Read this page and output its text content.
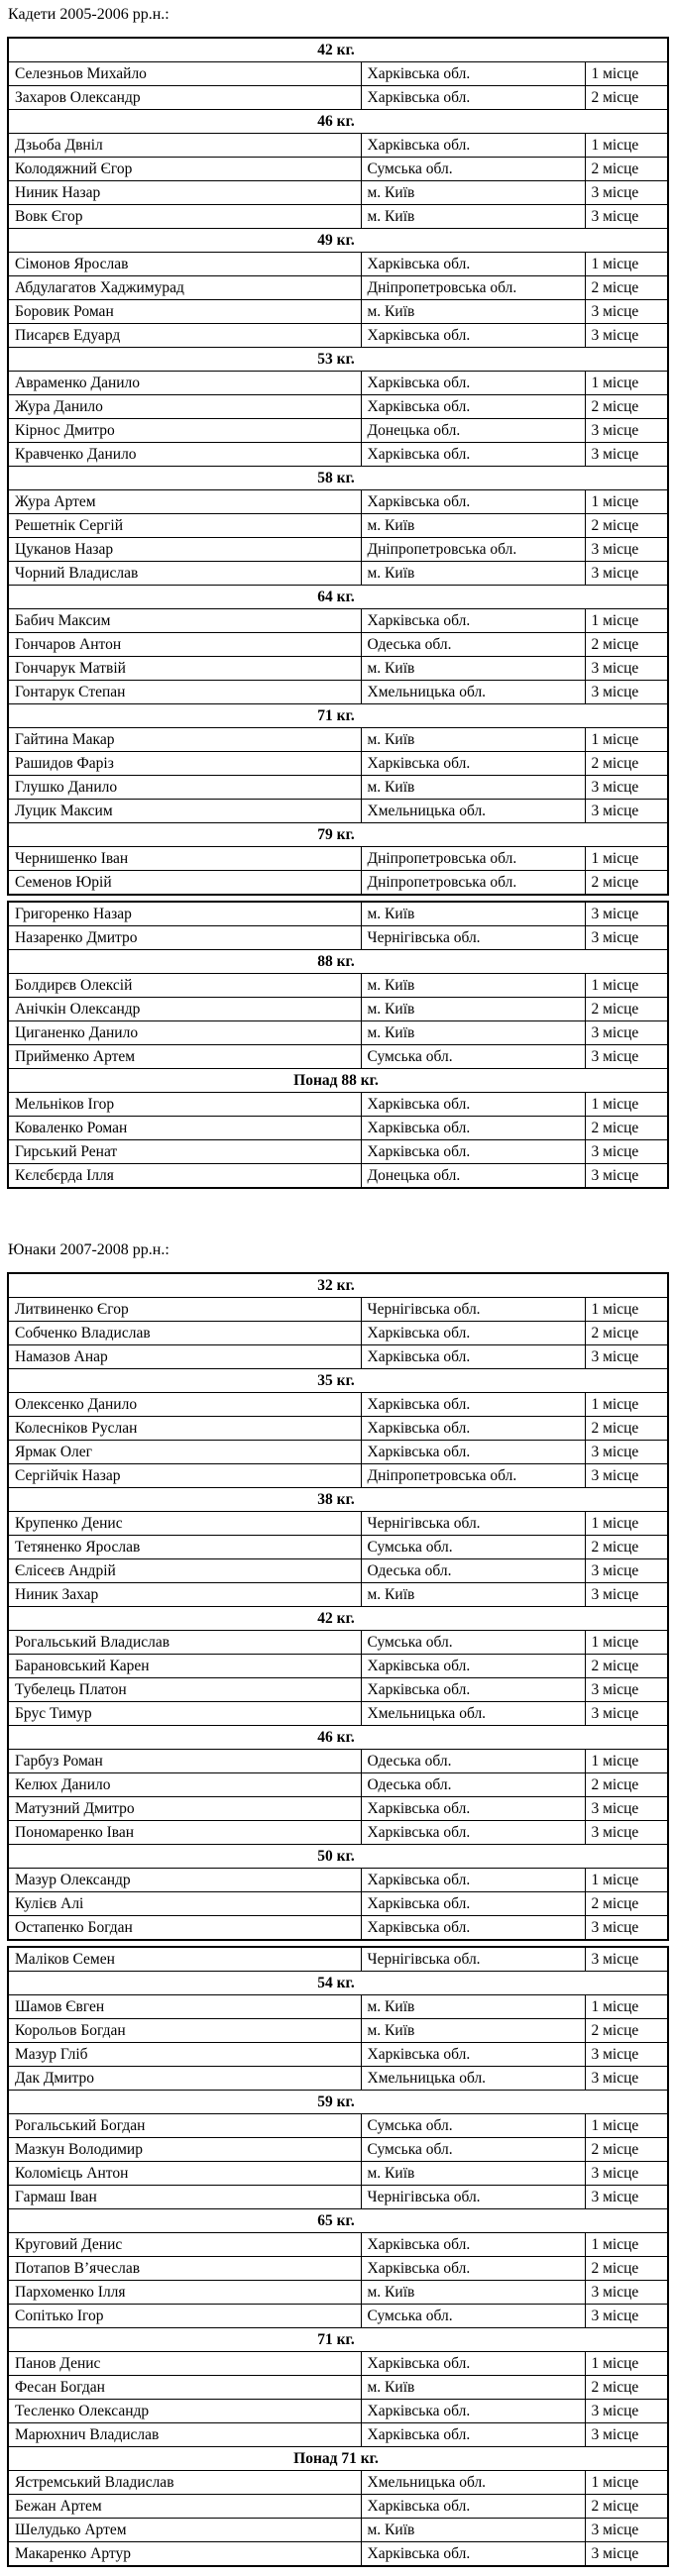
Кадети 2005-2006 рр.н.:
42 кг.		
Селезньов Михайло	Харківська обл.	1 місце
Захаров Олександр	Харківська обл.	2 місце
46 кг.		
Дзьоба Двніл	Харківська обл.	1 місце
Колодяжний Єгор	Сумська обл.	2 місце
Ниник Назар	м. Київ	3 місце
Вовк Єгор	м. Київ	3 місце
49 кг.		
Сімонов Ярослав	Харківська обл.	1 місце
Абдулагатов Хаджимурад	Дніпропетровська обл.	2 місце
Боровик Роман	м. Київ	3 місце
Писарєв Едуард	Харківська обл.	3 місце
53 кг.		
Авраменко Данило	Харківська обл.	1 місце
Жура Данило	Харківська обл.	2 місце
Кірнос Дмитро	Донецька обл.	3 місце
Кравченко Данило	Харківська обл.	3 місце
58 кг.		
Жура Артем	Харківська обл.	1 місце
Решетнік Сергій	м. Київ	2 місце
Цуканов Назар	Дніпропетровська обл.	3 місце
Чорний Владислав	м. Київ	3 місце
64 кг.		
Бабич Максим	Харківська обл.	1 місце
Гончаров Антон	Одеська обл.	2 місце
Гончарук Матвій	м. Київ	3 місце
Гонтарук Степан	Хмельницька обл.	3 місце
71 кг.		
Гайтина Макар	м. Київ	1 місце
Рашидов Фаріз	Харківська обл.	2 місце
Глушко Данило	м. Київ	3 місце
Луцик Максим	Хмельницька обл.	3 місце
79 кг.		
Чернишенко Іван	Дніпропетровська обл.	1 місце
Семенов Юрій	Дніпропетровська обл.	2 місце
Григоренко Назар	м. Київ	3 місце
Назаренко Дмитро	Чернігівська обл.	3 місце
88 кг.		
Болдирєв Олексій	м. Київ	1 місце
Анічкін Олександр	м. Київ	2 місце
Циганенко Данило	м. Київ	3 місце
Прийменко Артем	Сумська обл.	3 місце
Понад 88 кг.		
Мельніков Ігор	Харківська обл.	1 місце
Коваленко Роман	Харківська обл.	2 місце
Гирський Ренат	Харківська обл.	3 місце
Кєлєбєрда Ілля	Донецька обл.	3 місце
Юнаки 2007-2008 рр.н.:
32 кг.		
Литвиненко Єгор	Чернігівська обл.	1 місце
Собченко Владислав	Харківська обл.	2 місце
Намазов Анар	Харківська обл.	3 місце
35 кг.		
Олексенко Данило	Харківська обл.	1 місце
Колесніков Руслан	Харківська обл.	2 місце
Ярмак Олег	Харківська обл.	3 місце
Сергійчік Назар	Дніпропетровська обл.	3 місце
38 кг.		
Крупенко Денис	Чернігівська обл.	1 місце
Тетяненко Ярослав	Сумська обл.	2 місце
Єлісеєв Андрій	Одеська обл.	3 місце
Ниник Захар	м. Київ	3 місце
42 кг.		
Рогальський Владислав	Сумська обл.	1 місце
Барановський Карен	Харківська обл.	2 місце
Тубелець Платон	Харківська обл.	3 місце
Брус Тимур	Хмельницька обл.	3 місце
46 кг.		
Гарбуз Роман	Одеська обл.	1 місце
Келюх Данило	Одеська обл.	2 місце
Матузний Дмитро	Харківська обл.	3 місце
Пономаренко Іван	Харківська обл.	3 місце
50 кг.		
Мазур Олександр	Харківська обл.	1 місце
Кулієв Алі	Харківська обл.	2 місце
Остапенко Богдан	Харківська обл.	3 місце
Маліков Семен	Чернігівська обл.	3 місце
54 кг.		
Шамов Євген	м. Київ	1 місце
Корольов Богдан	м. Київ	2 місце
Мазур Гліб	Харківська обл.	3 місце
Дак Дмитро	Хмельницька обл.	3 місце
59 кг.		
Рогальський Богдан	Сумська обл.	1 місце
Мазкун Володимир	Сумська обл.	2 місце
Коломієць Антон	м. Київ	3 місце
Гармаш Іван	Чернігівська обл.	3 місце
65 кг.		
Круговий Денис	Харківська обл.	1 місце
Потапов В’ячеслав	Харківська обл.	2 місце
Пархоменко Ілля	м. Київ	3 місце
Сопітько Ігор	Сумська обл.	3 місце
71 кг.		
Панов Денис	Харківська обл.	1 місце
Фесан Богдан	м. Київ	2 місце
Тесленко Олександр	Харківська обл.	3 місце
Марюхнич Владислав	Харківська обл.	3 місце
Понад 71 кг.		
Ястремський Владислав	Хмельницька обл.	1 місце
Бежан Артем	Харківська обл.	2 місце
Шелудько Артем	м. Київ	3 місце
Макаренко Артур	Харківська обл.	3 місце
